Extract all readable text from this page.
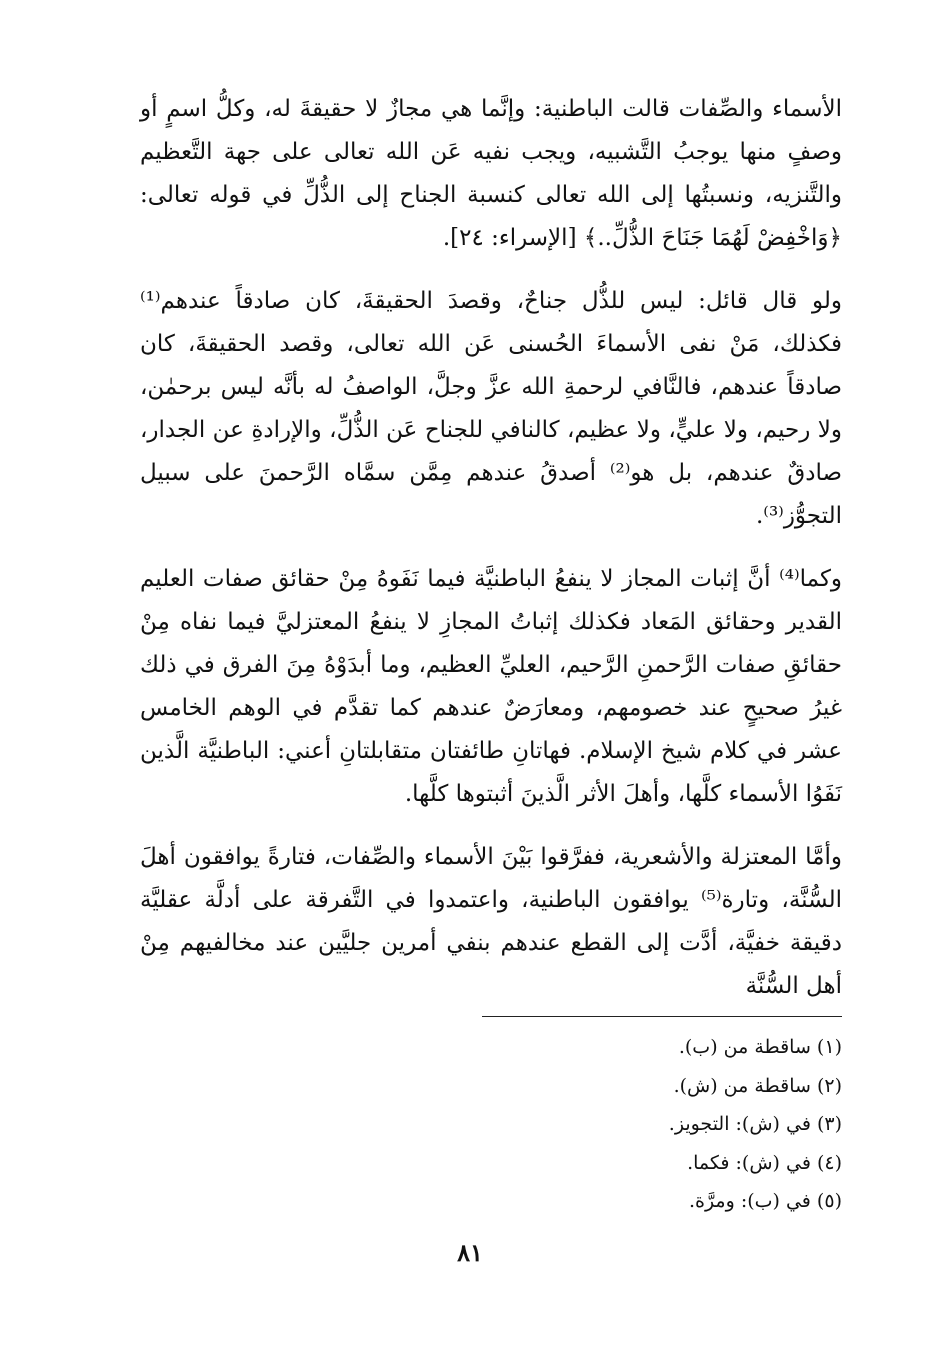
الأسماء والصِّفات قالت الباطنية: وإنَّما هي مجازٌ لا حقيقةَ له، وكلُّ اسمٍ أو وصفٍ منها يوجبُ التَّشبيه، ويجب نفيه عَن الله تعالى على جهة التَّعظيم والتَّنزيه، ونسبتُها إلى الله تعالى كنسبة الجناح إلى الذُّلِّ في قوله تعالى: ﴿وَاخْفِضْ لَهُمَا جَنَاحَ الذُّلِّ..﴾ [الإسراء: ٢٤].

ولو قال قائل: ليس للذُّل جناحٌ، وقصدَ الحقيقةَ، كان صادقاً عندهم⁽¹⁾ فكذلك، مَنْ نفى الأسماءَ الحُسنى عَن الله تعالى، وقصد الحقيقةَ، كان صادقاً عندهم، فالنَّافي لرحمةِ الله عزَّ وجلَّ، الواصفُ له بأنَّه ليس برحمٰن، ولا رحيم، ولا عليٍّ، ولا عظيم، كالنافي للجناح عَن الذُّلِّ، والإرادةِ عن الجدار، صادقٌ عندهم، بل هو⁽²⁾ أصدقُ عندهم مِمَّن سمَّاه الرَّحمنَ على سبيل التجوُّز⁽³⁾.

وكما⁽⁴⁾ أنَّ إثبات المجاز لا ينفعُ الباطنيَّة فيما نَفَوهُ مِنْ حقائق صفات العليم القدير وحقائق المَعاد فكذلك إثباتُ المجازِ لا ينفعُ المعتزليَّ فيما نفاه مِنْ حقائقِ صفات الرَّحمنِ الرَّحيم، العليِّ العظيم، وما أبدَوْهُ مِنَ الفرق في ذلك غيرُ صحيحٍ عند خصومهم، ومعارَضٌ عندهم كما تقدَّم في الوهم الخامس عشر في كلام شيخ الإسلام. فهاتانِ طائفتان متقابلتانِ أعني: الباطنيَّة الَّذين نَفَوُا الأسماء كلَّها، وأهلَ الأثر الَّذينَ أثبتوها كلَّها.

وأمَّا المعتزلة والأشعرية، ففرَّقوا بَيْنَ الأسماء والصِّفات، فتارةً يوافقون أهلَ السُّنَّة، وتارة⁽⁵⁾ يوافقون الباطنية، واعتمدوا في التَّفرقة على أدلَّة عقليَّة دقيقة خفيَّة، أدَّت إلى القطع عندهم بنفي أمرين جليَّين عند مخالفيهم مِنْ أهل السُّنَّة

(١) ساقطة من (ب).
(٢) ساقطة من (ش).
(٣) في (ش): التجويز.
(٤) في (ش): فكما.
(٥) في (ب): ومرَّة.
٨١
